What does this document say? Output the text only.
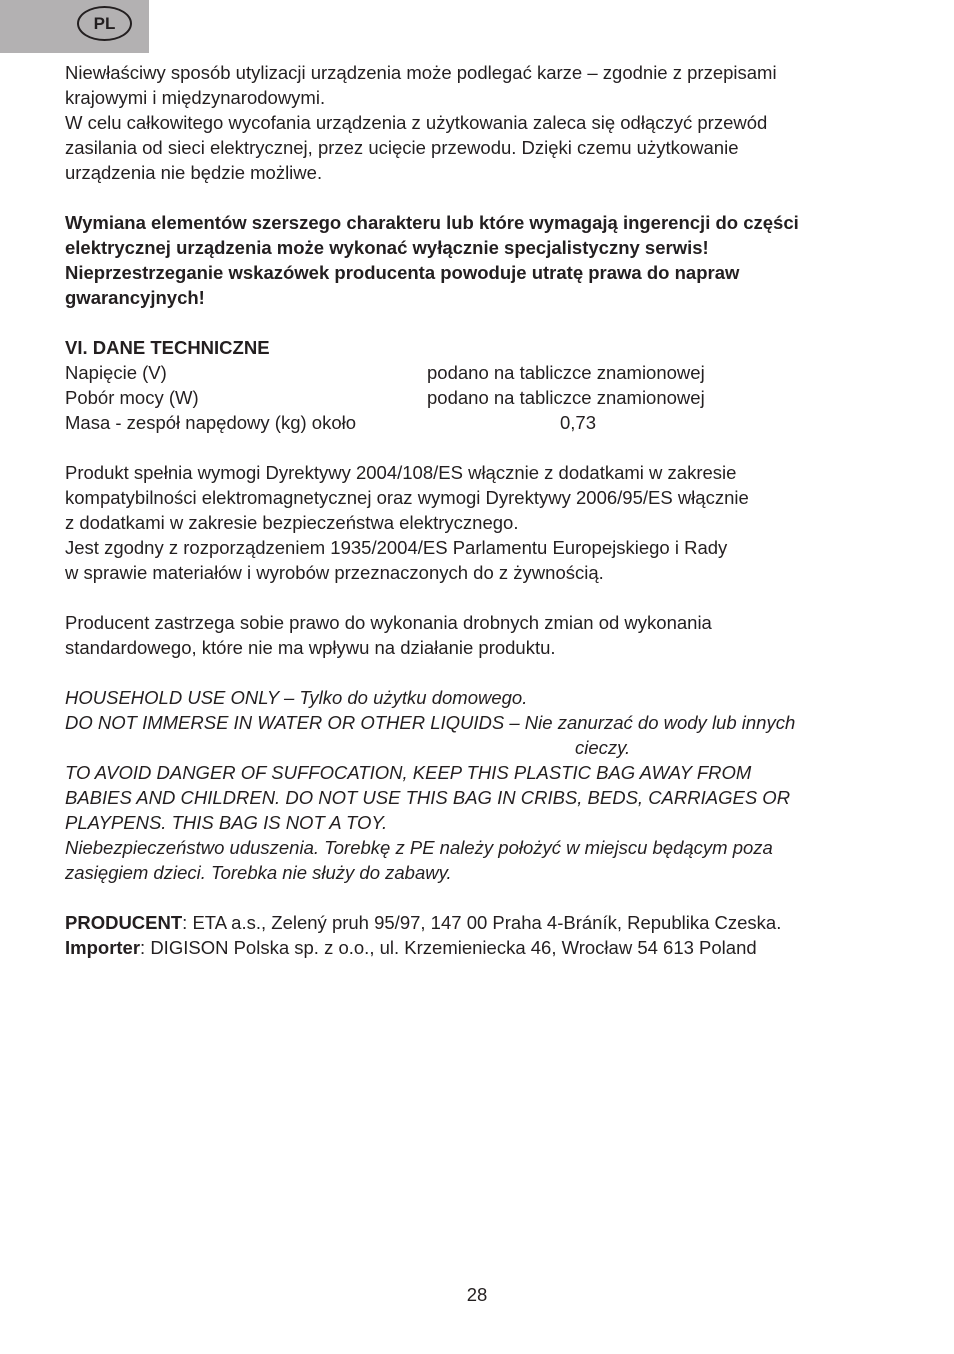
PL
Niewłaściwy sposób utylizacji urządzenia może podlegać karze – zgodnie z przepisami
krajowymi i międzynarodowymi.
W celu całkowitego wycofania urządzenia z użytkowania zaleca się odłączyć przewód
zasilania od sieci elektrycznej, przez ucięcie przewodu. Dzięki czemu użytkowanie
urządzenia nie będzie możliwe.
Wymiana elementów szerszego charakteru lub które wymagają ingerencji do części
elektrycznej urządzenia może wykonać wyłącznie specjalistyczny serwis!
Nieprzestrzeganie wskazówek producenta powoduje utratę prawa do napraw
gwarancyjnych!
VI. DANE TECHNICZNE
Napięcie (V)	podano na tabliczce znamionowej
Pobór mocy (W)	podano na tabliczce znamionowej
Masa - zespół napędowy (kg) około	0,73
Produkt spełnia wymogi Dyrektywy 2004/108/ES włącznie z dodatkami w zakresie
kompatybilności elektromagnetycznej oraz wymogi Dyrektywy 2006/95/ES włącznie
z dodatkami w zakresie bezpieczeństwa elektrycznego.
Jest zgodny z rozporządzeniem 1935/2004/ES Parlamentu Europejskiego i Rady
w sprawie materiałów i wyrobów przeznaczonych do z żywnością.
Producent zastrzega sobie prawo do wykonania drobnych zmian od wykonania
standardowego, które nie ma wpływu na działanie produktu.
HOUSEHOLD USE ONLY – Tylko do użytku domowego.
DO NOT IMMERSE IN WATER OR OTHER LIQUIDS – Nie zanurzać do wody lub innych
cieczy.
TO AVOID DANGER OF SUFFOCATION, KEEP THIS PLASTIC BAG AWAY FROM
BABIES AND CHILDREN. DO NOT USE THIS BAG IN CRIBS, BEDS, CARRIAGES OR
PLAYPENS. THIS BAG IS NOT A TOY.
Niebezpieczeństwo uduszenia. Torebkę z PE należy położyć w miejscu będącym poza
zasięgiem dzieci. Torebka nie służy do zabawy.
PRODUCENT: ETA a.s., Zelený pruh 95/97, 147 00 Praha 4-Bráník, Republika Czeska.
Importer: DIGISON Polska sp. z o.o., ul. Krzemieniecka 46, Wrocław 54 613 Poland
28
